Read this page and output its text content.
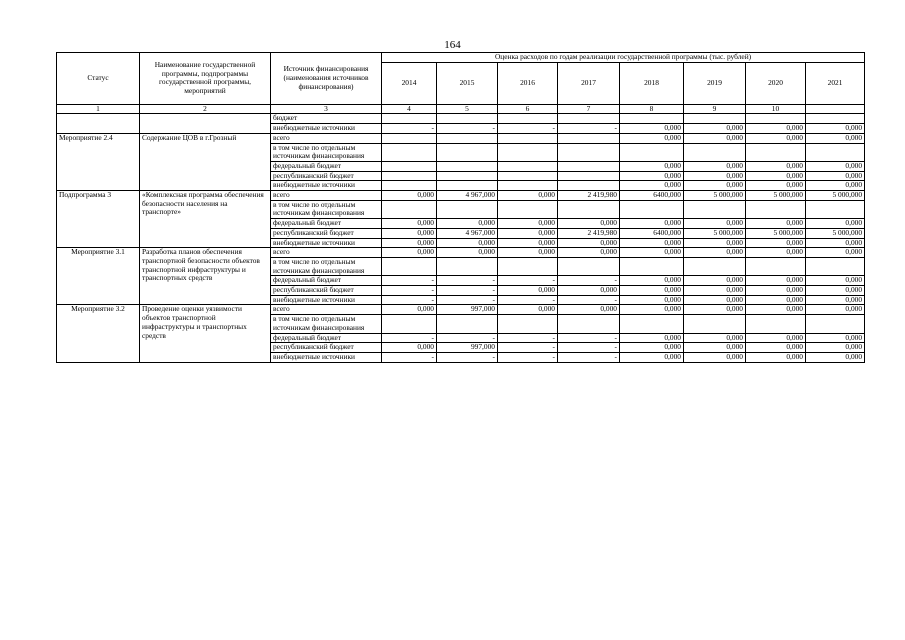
164
Статус	Наименование государственной программы, подпрограммы государственной программы, мероприятий	Источник финансирования (наименования источников финансирования)	Оценка расходов по годам реализации государственной программы (тыс. рублей)							
			2014	2015	2016	2017	2018	2019	2020	2021
1	2	3	4	5	6	7	8	9	10	
		бюджет								
		внебюджетные источники	-	-	-	-	0,000	0,000	0,000	0,000
Мероприятие 2.4	Содержание ЦОВ в г.Грозный	всего					0,000	0,000	0,000	0,000
		в том числе по отдельным источникам финансирования								
		федеральный бюджет					0,000	0,000	0,000	0,000
		республиканский бюджет					0,000	0,000	0,000	0,000
		внебюджетные источники					0,000	0,000	0,000	0,000
Подпрограмма 3	«Комплексная программа обеспечения безопасности населения на транспорте»	всего	0,000	4 967,000	0,000	2 419,980	6400,000	5 000,000	5 000,000	5 000,000
		в том числе по отдельным источникам финансирования								
		федеральный бюджет	0,000	0,000	0,000	0,000	0,000	0,000	0,000	0,000
		республиканский бюджет	0,000	4 967,000	0,000	2 419,980	6400,000	5 000,000	5 000,000	5 000,000
		внебюджетные источники	0,000	0,000	0,000	0,000	0,000	0,000	0,000	0,000
Мероприятие 3.1	Разработка планов обеспечения транспортной безопасности объектов транспортной инфраструктуры и транспортных средств	всего	0,000	0,000	0,000	0,000	0,000	0,000	0,000	0,000
		в том числе по отдельным источникам финансирования								
		федеральный бюджет	-	-	-	-	0,000	0,000	0,000	0,000
		республиканский бюджет	-	-	0,000	0,000	0,000	0,000	0,000	0,000
		внебюджетные источники	-	-	-	-	0,000	0,000	0,000	0,000
Мероприятие 3.2	Проведение оценки уязвимости объектов транспортной инфраструктуры и транспортных средств	всего	0,000	997,000	0,000	0,000	0,000	0,000	0,000	0,000
		в том числе по отдельным источникам финансирования								
		федеральный бюджет	-	-	-	-	0,000	0,000	0,000	0,000
		республиканский бюджет	0,000	997,000	-	-	0,000	0,000	0,000	0,000
		внебюджетные источники	-	-	-	-	0,000	0,000	0,000	0,000
